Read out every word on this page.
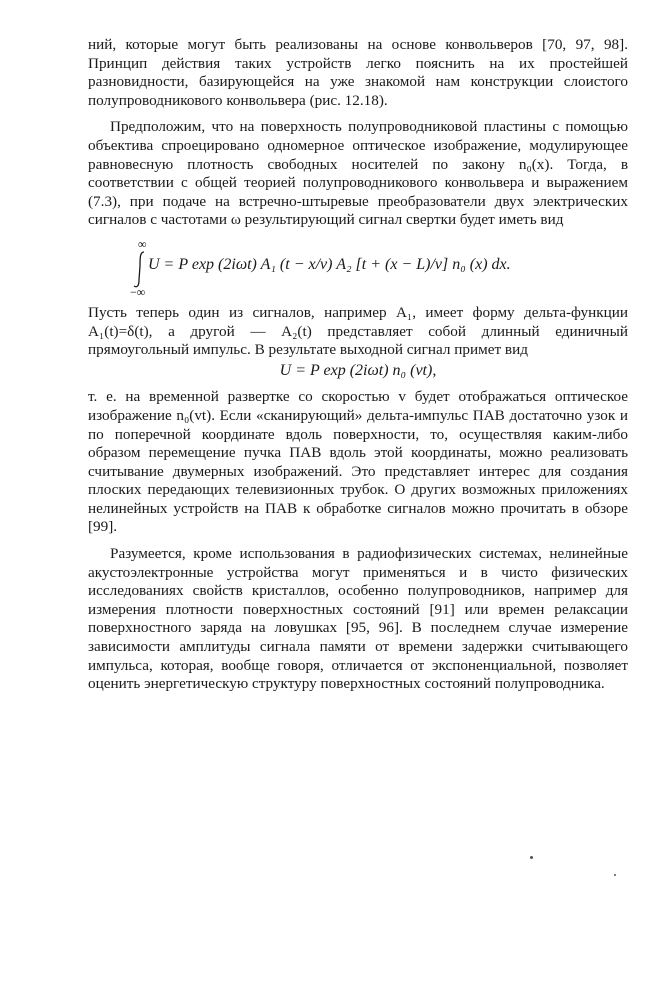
ний, которые могут быть реализованы на основе конвольверов [70, 97, 98]. Принцип действия таких устройств легко пояснить на их простейшей разновидности, базирующейся на уже знакомой нам конструкции слоистого полупроводникового конвольвера (рис. 12.18).

Предположим, что на поверхность полупроводниковой пластины с помощью объектива спроецировано одномерное оптическое изображение, модулирующее равновесную плотность свободных носителей по закону n₀(x). Тогда, в соответствии с общей теорией полупроводникового конвольвера и выражением (7.3), при подаче на встречно-штыревые преобразователи двух электрических сигналов с частотами ω результирующий сигнал свертки будет иметь вид

∞
−∞
U = P exp (2iωt) A₁ (t − x/v) A₂ [t + (x − L)/v] n₀ (x) dx.

Пусть теперь один из сигналов, например A₁, имеет форму дельта-функции A₁(t)=δ(t), а другой — A₂(t) представляет собой длинный единичный прямоугольный импульс. В результате выходной сигнал примет вид

U = P exp (2iωt) n₀ (vt),

т. е. на временной развертке со скоростью v будет отображаться оптическое изображение n₀(vt). Если «сканирующий» дельта-импульс ПАВ достаточно узок и по поперечной координате вдоль поверхности, то, осуществляя каким-либо образом перемещение пучка ПАВ вдоль этой координаты, можно реализовать считывание двумерных изображений. Это представляет интерес для создания плоских передающих телевизионных трубок. О других возможных приложениях нелинейных устройств на ПАВ к обработке сигналов можно прочитать в обзоре [99].

Разумеется, кроме использования в радиофизических системах, нелинейные акустоэлектронные устройства могут применяться и в чисто физических исследованиях свойств кристаллов, особенно полупроводников, например для измерения плотности поверхностных состояний [91] или времен релаксации поверхностного заряда на ловушках [95, 96]. В последнем случае измерение зависимости амплитуды сигнала памяти от времени задержки считывающего импульса, которая, вообще говоря, отличается от экспоненциальной, позволяет оценить энергетическую структуру поверхностных состояний полупроводника.
